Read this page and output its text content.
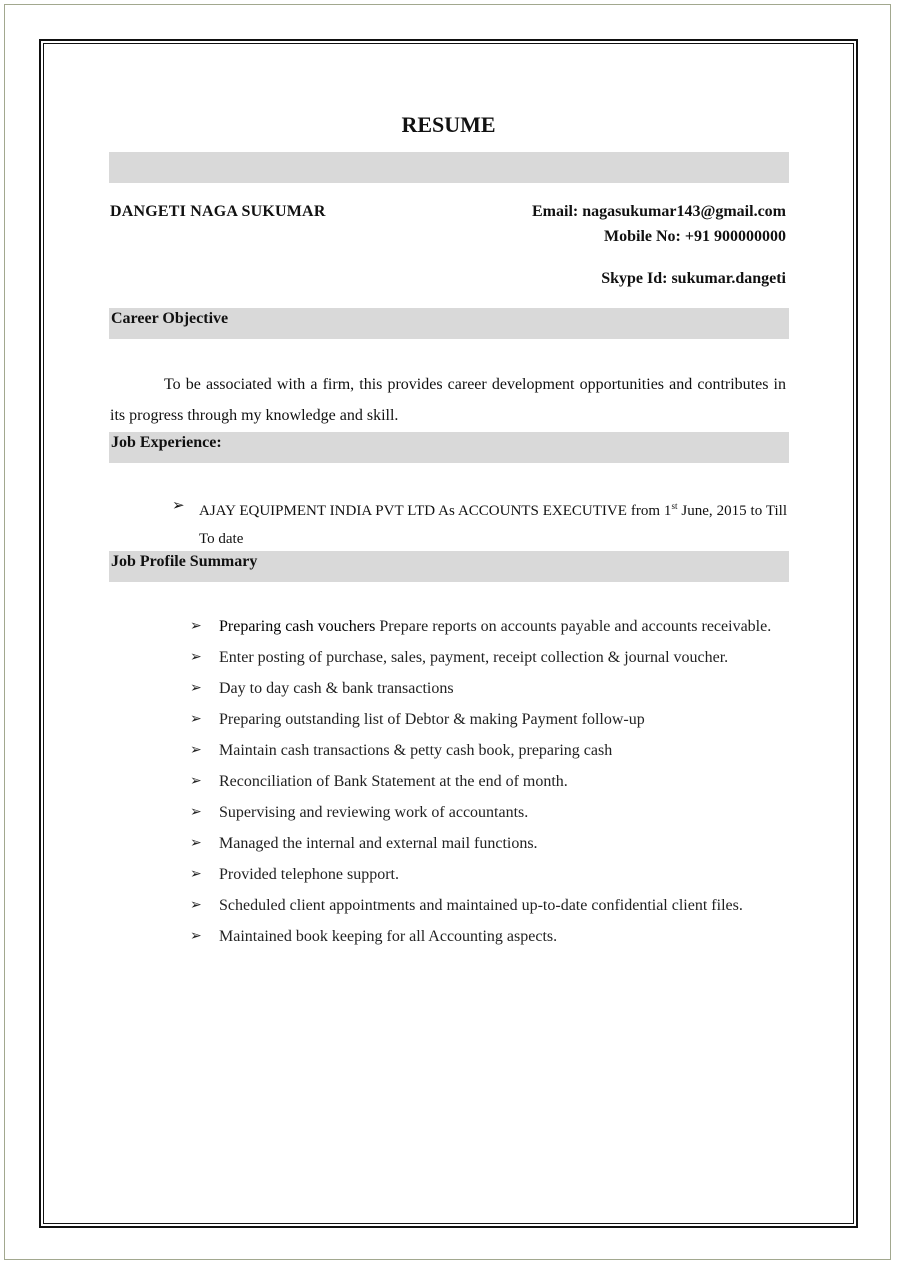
RESUME
DANGETI NAGA SUKUMAR	Email: nagasukumar143@gmail.com
Mobile No: +91 900000000
Skype Id: sukumar.dangeti
Career Objective
To be associated with a firm, this provides career development opportunities and contributes in its progress through my knowledge and skill.
Job Experience:
➢ AJAY EQUIPMENT INDIA PVT LTD As ACCOUNTS EXECUTIVE from 1st June, 2015 to Till To date
Job Profile Summary
➢ Preparing cash vouchers Prepare reports on accounts payable and accounts receivable.
➢ Enter posting of purchase, sales, payment, receipt collection & journal voucher.
➢ Day to day cash & bank transactions
➢ Preparing outstanding list of Debtor & making Payment follow-up
➢ Maintain cash transactions & petty cash book, preparing cash
➢ Reconciliation of Bank Statement at the end of month.
➢ Supervising and reviewing work of accountants.
➢ Managed the internal and external mail functions.
➢ Provided telephone support.
➢ Scheduled client appointments and maintained up-to-date confidential client files.
➢ Maintained book keeping for all Accounting aspects.
